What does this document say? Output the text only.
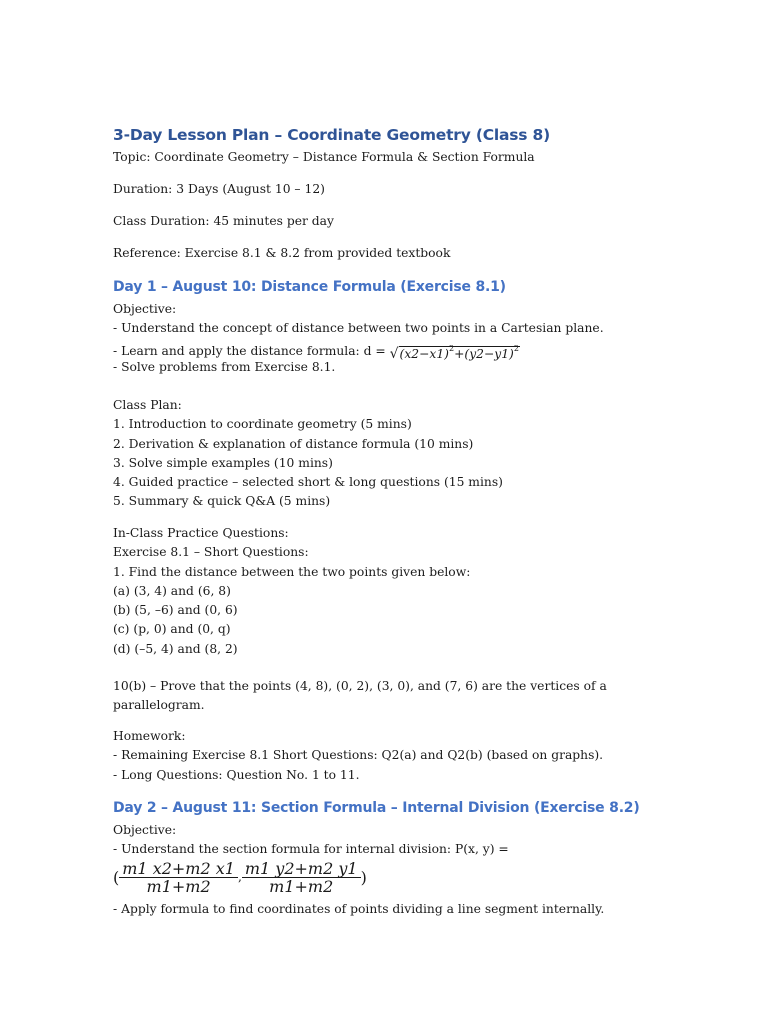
3-Day Lesson Plan – Coordinate Geometry (Class 8)
Topic: Coordinate Geometry – Distance Formula & Section Formula
Duration: 3 Days (August 10 – 12)
Class Duration: 45 minutes per day
Reference: Exercise 8.1 & 8.2 from provided textbook
Day 1 – August 10: Distance Formula (Exercise 8.1)
Objective:
- Understand the concept of distance between two points in a Cartesian plane.
- Learn and apply the distance formula: $d = √(x2-x1)^2+(y2-y1)^2$
- Solve problems from Exercise 8.1.
Class Plan:
1. Introduction to coordinate geometry (5 mins)
2. Derivation & explanation of distance formula (10 mins)
3. Solve simple examples (10 mins)
4. Guided practice – selected short & long questions (15 mins)
5. Summary & quick Q&A (5 mins)
In-Class Practice Questions:
Exercise 8.1 – Short Questions:
1. Find the distance between the two points given below:
(a) (3, 4) and (6, 8)
(b) (5, –6) and (0, 6)
(c) (p, 0) and (0, q)
(d) (–5, 4) and (8, 2)
10(b) – Prove that the points (4, 8), (0, 2), (3, 0), and (7, 6) are the vertices of a
parallelogram.
Homework:
- Remaining Exercise 8.1 Short Questions: Q2(a) and Q2(b) (based on graphs).
- Long Questions: Question No. 1 to 11.
Day 2 – August 11: Section Formula – Internal Division (Exercise 8.2)
Objective:
- Understand the section formula for internal division: P(x, y) =
( $\frac{m1 x2+m2 x1}{m1+m2}$ , $\frac{m1 y2+m2 y1}{m1+m2}$ )
- Apply formula to find coordinates of points dividing a line segment internally.
